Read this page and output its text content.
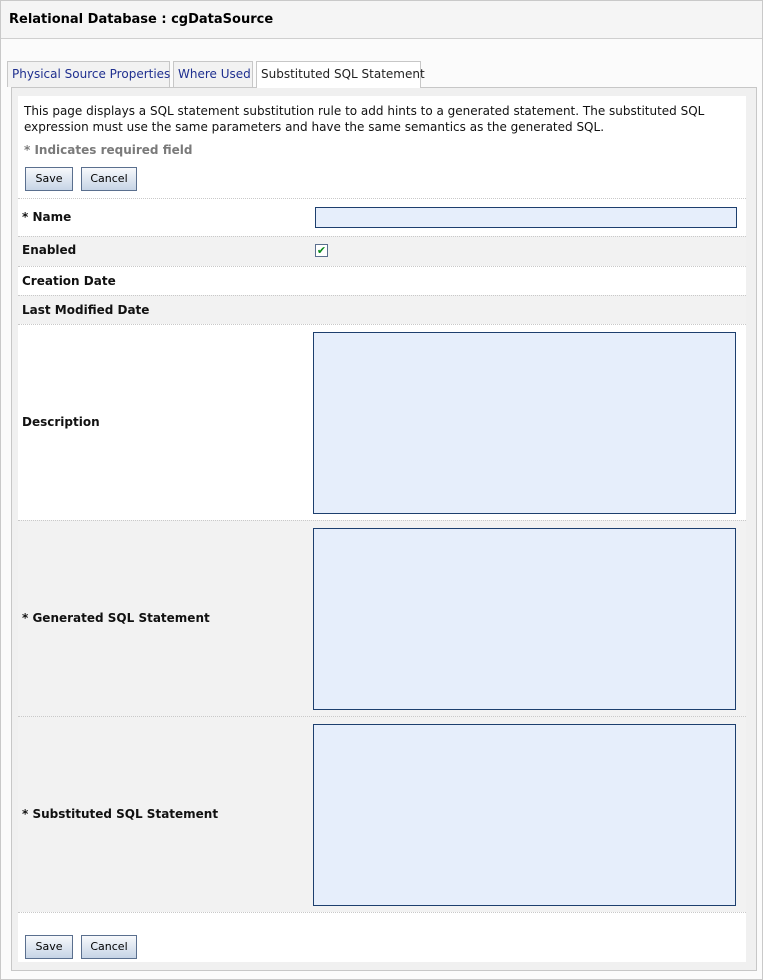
Relational Database : cgDataSource
Physical Source Properties Where Used Substituted SQL Statement
This page displays a SQL statement substitution rule to add hints to a generated statement. The substituted SQL expression must use the same parameters and have the same semantics as the generated SQL.
* Indicates required field
Save	Cancel
* Name
Enabled	✔
Creation Date
Last Modified Date
Description
* Generated SQL Statement
* Substituted SQL Statement
Save	Cancel
